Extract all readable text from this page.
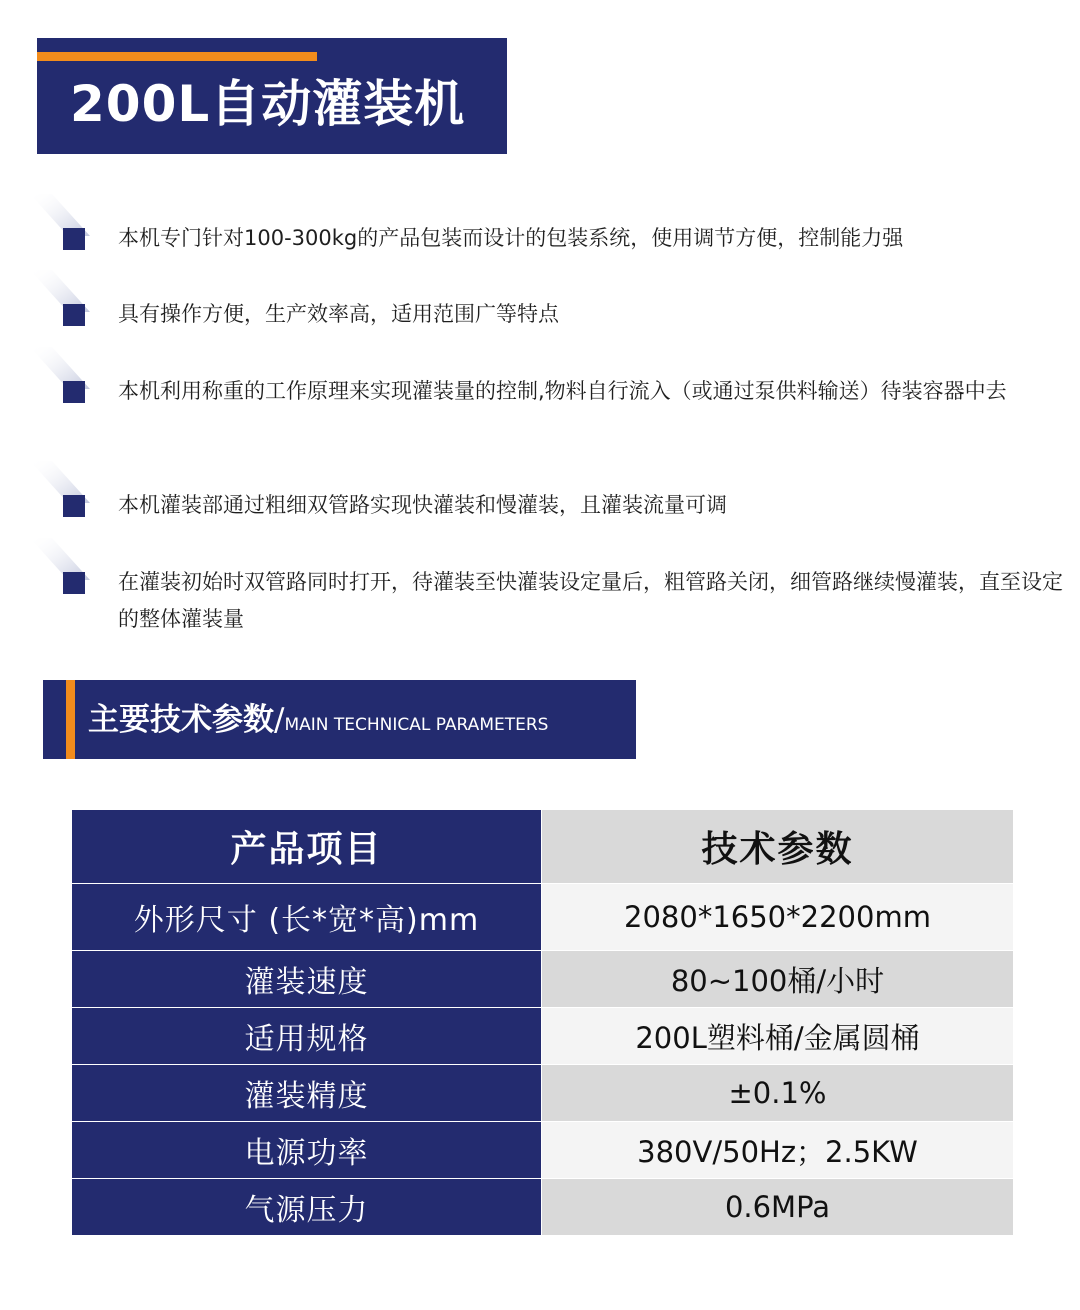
200L自动灌装机
本机专门针对100-300kg的产品包装而设计的包装系统，使用调节方便，控制能力强
具有操作方便，生产效率高，适用范围广等特点
本机利用称重的工作原理来实现灌装量的控制,物料自行流入（或通过泵供料输送）待装容器中去
本机灌装部通过粗细双管路实现快灌装和慢灌装，且灌装流量可调
在灌装初始时双管路同时打开，待灌装至快灌装设定量后，粗管路关闭，细管路继续慢灌装，直至设定的整体灌装量
主要技术参数/MAIN TECHNICAL PARAMETERS
产品项目	技术参数
外形尺寸 (长*宽*高)mm	2080*1650*2200mm
灌装速度	80~100桶/小时
适用规格	200L塑料桶/金属圆桶
灌装精度	±0.1%
电源功率	380V/50Hz；2.5KW
气源压力	0.6MPa
